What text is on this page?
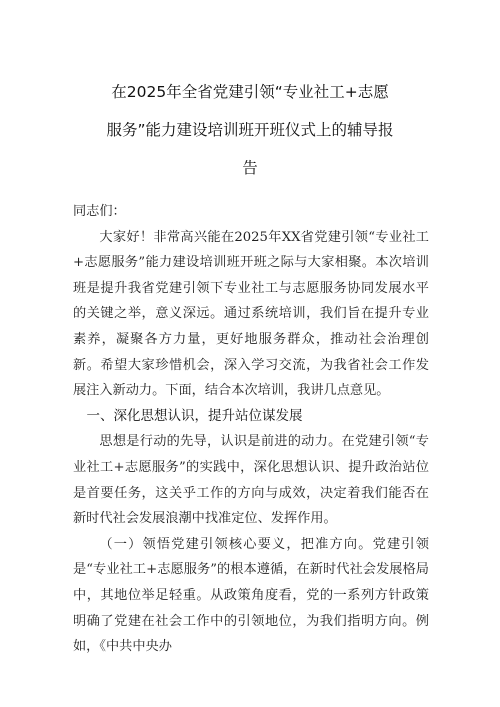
在2025年全省党建引领“专业社工+志愿
服务”能力建设培训班开班仪式上的辅导报
告

同志们：

大家好！非常高兴能在2025年XX省党建引领“专业社工+志愿服务”能力建设培训班开班之际与大家相聚。本次培训班是提升我省党建引领下专业社工与志愿服务协同发展水平的关键之举，意义深远。通过系统培训，我们旨在提升专业素养，凝聚各方力量，更好地服务群众，推动社会治理创新。希望大家珍惜机会，深入学习交流，为我省社会工作发展注入新动力。下面，结合本次培训，我讲几点意见。

一、深化思想认识，提升站位谋发展

思想是行动的先导，认识是前进的动力。在党建引领“专业社工+志愿服务”的实践中，深化思想认识、提升政治站位是首要任务，这关乎工作的方向与成效，决定着我们能否在新时代社会发展浪潮中找准定位、发挥作用。

（一）领悟党建引领核心要义，把准方向。党建引领是“专业社工+志愿服务”的根本遵循，在新时代社会发展格局中，其地位举足轻重。从政策角度看，党的一系列方针政策明确了党建在社会工作中的引领地位，为我们指明方向。例如，《中共中央办
